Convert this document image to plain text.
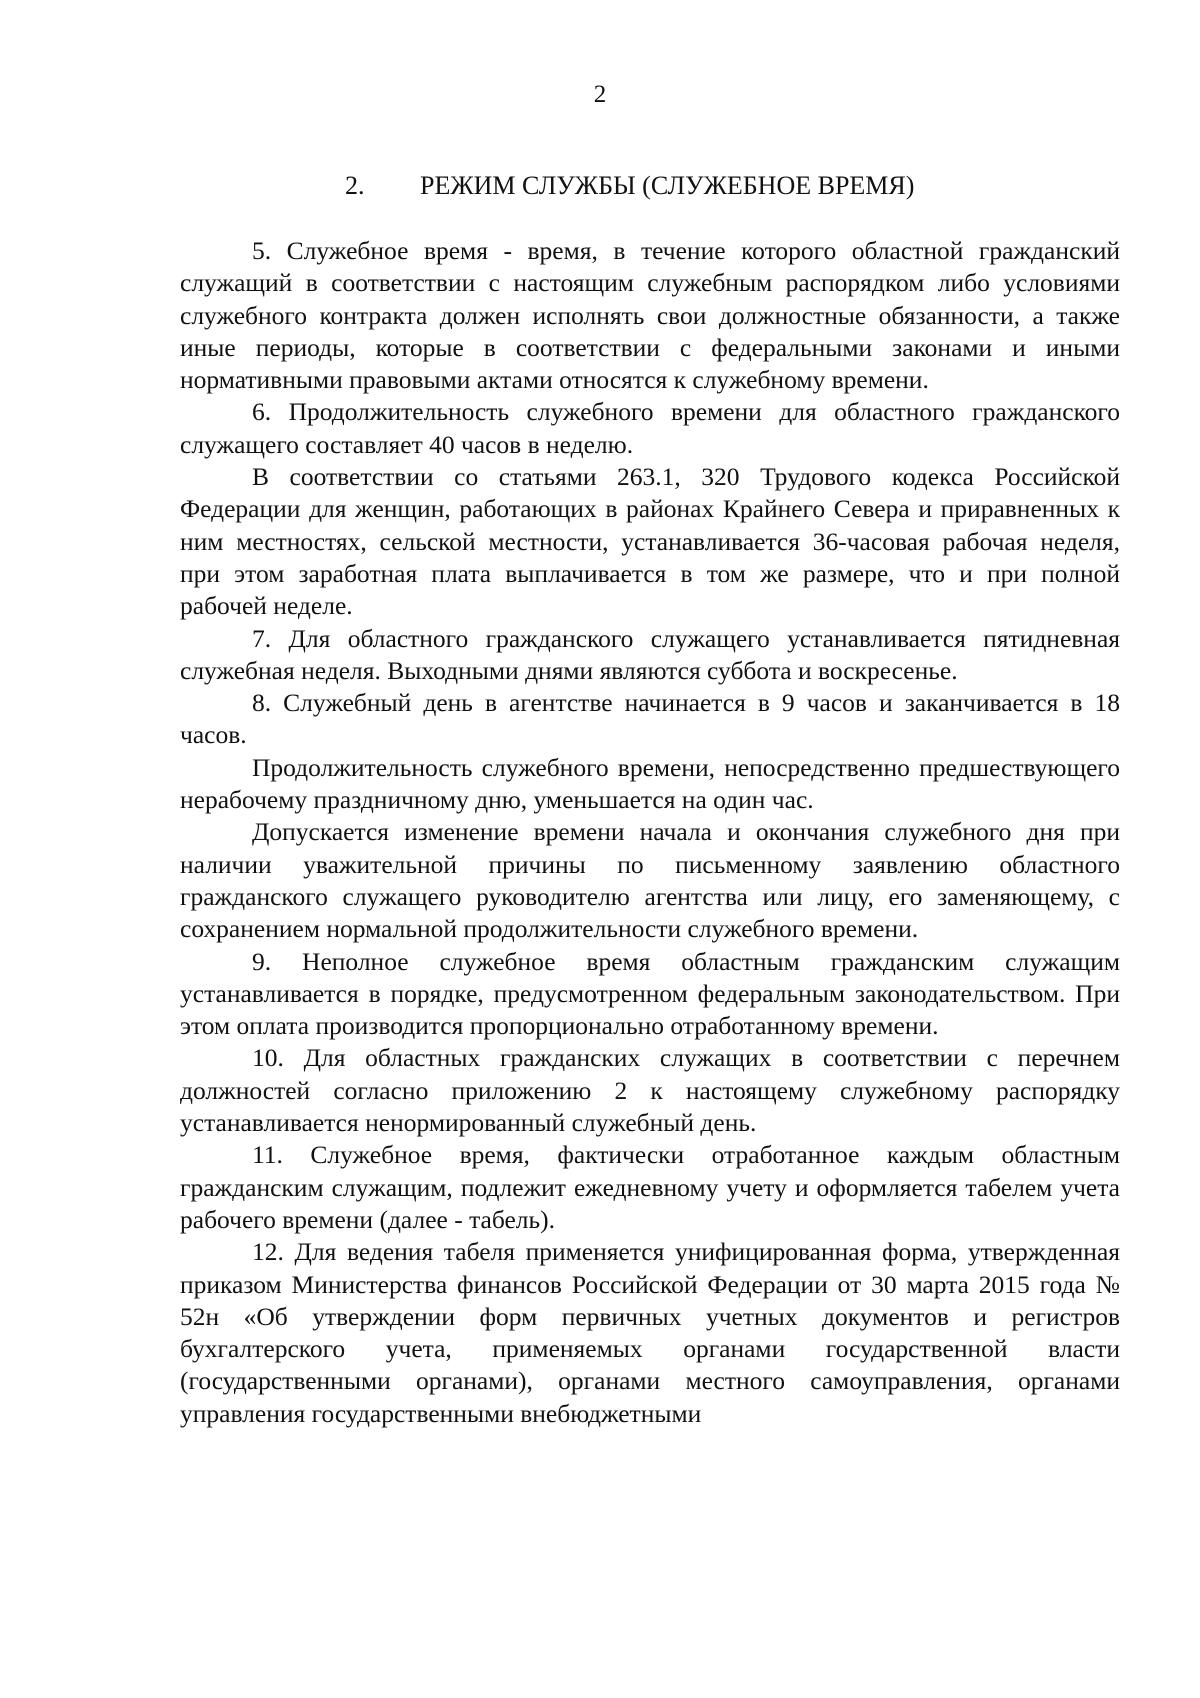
2
2. РЕЖИМ СЛУЖБЫ (СЛУЖЕБНОЕ ВРЕМЯ)

5. Служебное время - время, в течение которого областной гражданский служащий в соответствии с настоящим служебным распорядком либо условиями служебного контракта должен исполнять свои должностные обязанности, а также иные периоды, которые в соответствии с федеральными законами и иными нормативными правовыми актами относятся к служебному времени.

6. Продолжительность служебного времени для областного гражданского служащего составляет 40 часов в неделю.

В соответствии со статьями 263.1, 320 Трудового кодекса Российской Федерации для женщин, работающих в районах Крайнего Севера и приравненных к ним местностях, сельской местности, устанавливается 36-часовая рабочая неделя, при этом заработная плата выплачивается в том же размере, что и при полной рабочей неделе.

7. Для областного гражданского служащего устанавливается пятидневная служебная неделя. Выходными днями являются суббота и воскресенье.

8. Служебный день в агентстве начинается в 9 часов и заканчивается в 18 часов.

Продолжительность служебного времени, непосредственно предшествующего нерабочему праздничному дню, уменьшается на один час.

Допускается изменение времени начала и окончания служебного дня при наличии уважительной причины по письменному заявлению областного гражданского служащего руководителю агентства или лицу, его заменяющему, с сохранением нормальной продолжительности служебного времени.

9. Неполное служебное время областным гражданским служащим устанавливается в порядке, предусмотренном федеральным законодательством. При этом оплата производится пропорционально отработанному времени.

10. Для областных гражданских служащих в соответствии с перечнем должностей согласно приложению 2 к настоящему служебному распорядку устанавливается ненормированный служебный день.

11. Служебное время, фактически отработанное каждым областным гражданским служащим, подлежит ежедневному учету и оформляется табелем учета рабочего времени (далее - табель).

12. Для ведения табеля применяется унифицированная форма, утвержденная приказом Министерства финансов Российской Федерации от 30 марта 2015 года № 52н «Об утверждении форм первичных учетных документов и регистров бухгалтерского учета, применяемых органами государственной власти (государственными органами), органами местного самоуправления, органами управления государственными внебюджетными
